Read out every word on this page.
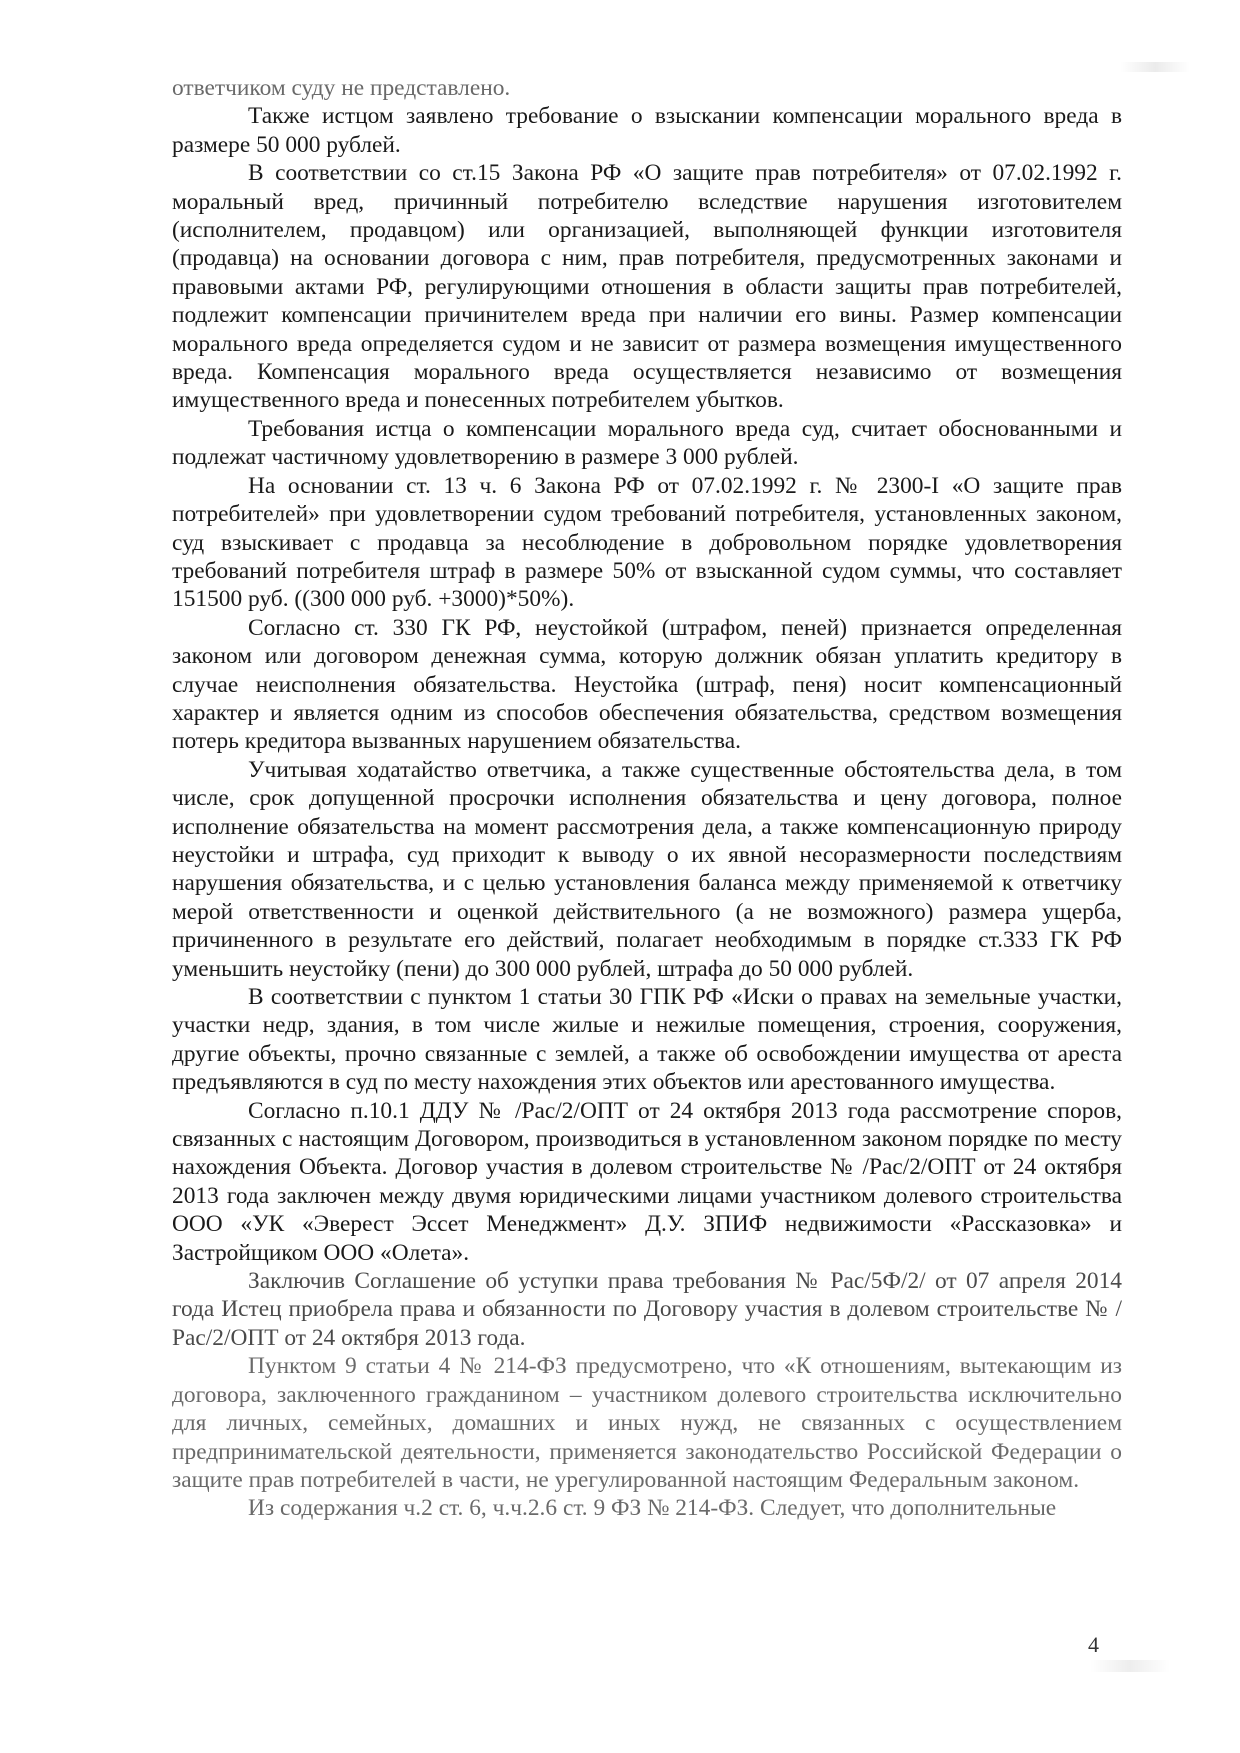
ответчиком суду не представлено.

Также истцом заявлено требование о взыскании компенсации морального вреда в размере 50 000 рублей.

В соответствии со ст.15 Закона РФ «О защите прав потребителя» от 07.02.1992 г. моральный вред, причинный потребителю вследствие нарушения изготовителем (исполнителем, продавцом) или организацией, выполняющей функции изготовителя (продавца) на основании договора с ним, прав потребителя, предусмотренных законами и правовыми актами РФ, регулирующими отношения в области защиты прав потребителей, подлежит компенсации причинителем вреда при наличии его вины. Размер компенсации морального вреда определяется судом и не зависит от размера возмещения имущественного вреда. Компенсация морального вреда осуществляется независимо от возмещения имущественного вреда и понесенных потребителем убытков.

Требования истца о компенсации морального вреда суд, считает обоснованными и подлежат частичному удовлетворению в размере 3 000 рублей.

На основании ст. 13 ч. 6 Закона РФ от 07.02.1992 г. № 2300-I «О защите прав потребителей» при удовлетворении судом требований потребителя, установленных законом, суд взыскивает с продавца за несоблюдение в добровольном порядке удовлетворения требований потребителя штраф в размере 50% от взысканной судом суммы, что составляет 151500 руб. ((300 000 руб. +3000)*50%).

Согласно ст. 330 ГК РФ, неустойкой (штрафом, пеней) признается определенная законом или договором денежная сумма, которую должник обязан уплатить кредитору в случае неисполнения обязательства. Неустойка (штраф, пеня) носит компенсационный характер и является одним из способов обеспечения обязательства, средством возмещения потерь кредитора вызванных нарушением обязательства.

Учитывая ходатайство ответчика, а также существенные обстоятельства дела, в том числе, срок допущенной просрочки исполнения обязательства и цену договора, полное исполнение обязательства на момент рассмотрения дела, а также компенсационную природу неустойки и штрафа, суд приходит к выводу о их явной несоразмерности последствиям нарушения обязательства, и с целью установления баланса между применяемой к ответчику мерой ответственности и оценкой действительного (а не возможного) размера ущерба, причиненного в результате его действий, полагает необходимым в порядке ст.333 ГК РФ уменьшить неустойку (пени) до 300 000 рублей, штрафа до 50 000 рублей.

В соответствии с пунктом 1 статьи 30 ГПК РФ «Иски о правах на земельные участки, участки недр, здания, в том числе жилые и нежилые помещения, строения, сооружения, другие объекты, прочно связанные с землей, а также об освобождении имущества от ареста предъявляются в суд по месту нахождения этих объектов или арестованного имущества.

Согласно п.10.1 ДДУ № /Рас/2/ОПТ от 24 октября 2013 года рассмотрение споров, связанных с настоящим Договором, производиться в установленном законом порядке по месту нахождения Объекта. Договор участия в долевом строительстве № /Рас/2/ОПТ от 24 октября 2013 года заключен между двумя юридическими лицами участником долевого строительства ООО «УК «Эверест Эссет Менеджмент» Д.У. ЗПИФ недвижимости «Рассказовка» и Застройщиком ООО «Олета».

Заключив Соглашение об уступки права требования № Рас/5Ф/2/ от 07 апреля 2014 года Истец приобрела права и обязанности по Договору участия в долевом строительстве № /Рас/2/ОПТ от 24 октября 2013 года.

Пунктом 9 статьи 4 № 214-ФЗ предусмотрено, что «К отношениям, вытекающим из договора, заключенного гражданином – участником долевого строительства исключительно для личных, семейных, домашних и иных нужд, не связанных с осуществлением предпринимательской деятельности, применяется законодательство Российской Федерации о защите прав потребителей в части, не урегулированной настоящим Федеральным законом.

Из содержания ч.2 ст. 6, ч.ч.2.6 ст. 9 ФЗ № 214-ФЗ. Следует, что дополнительные

4
